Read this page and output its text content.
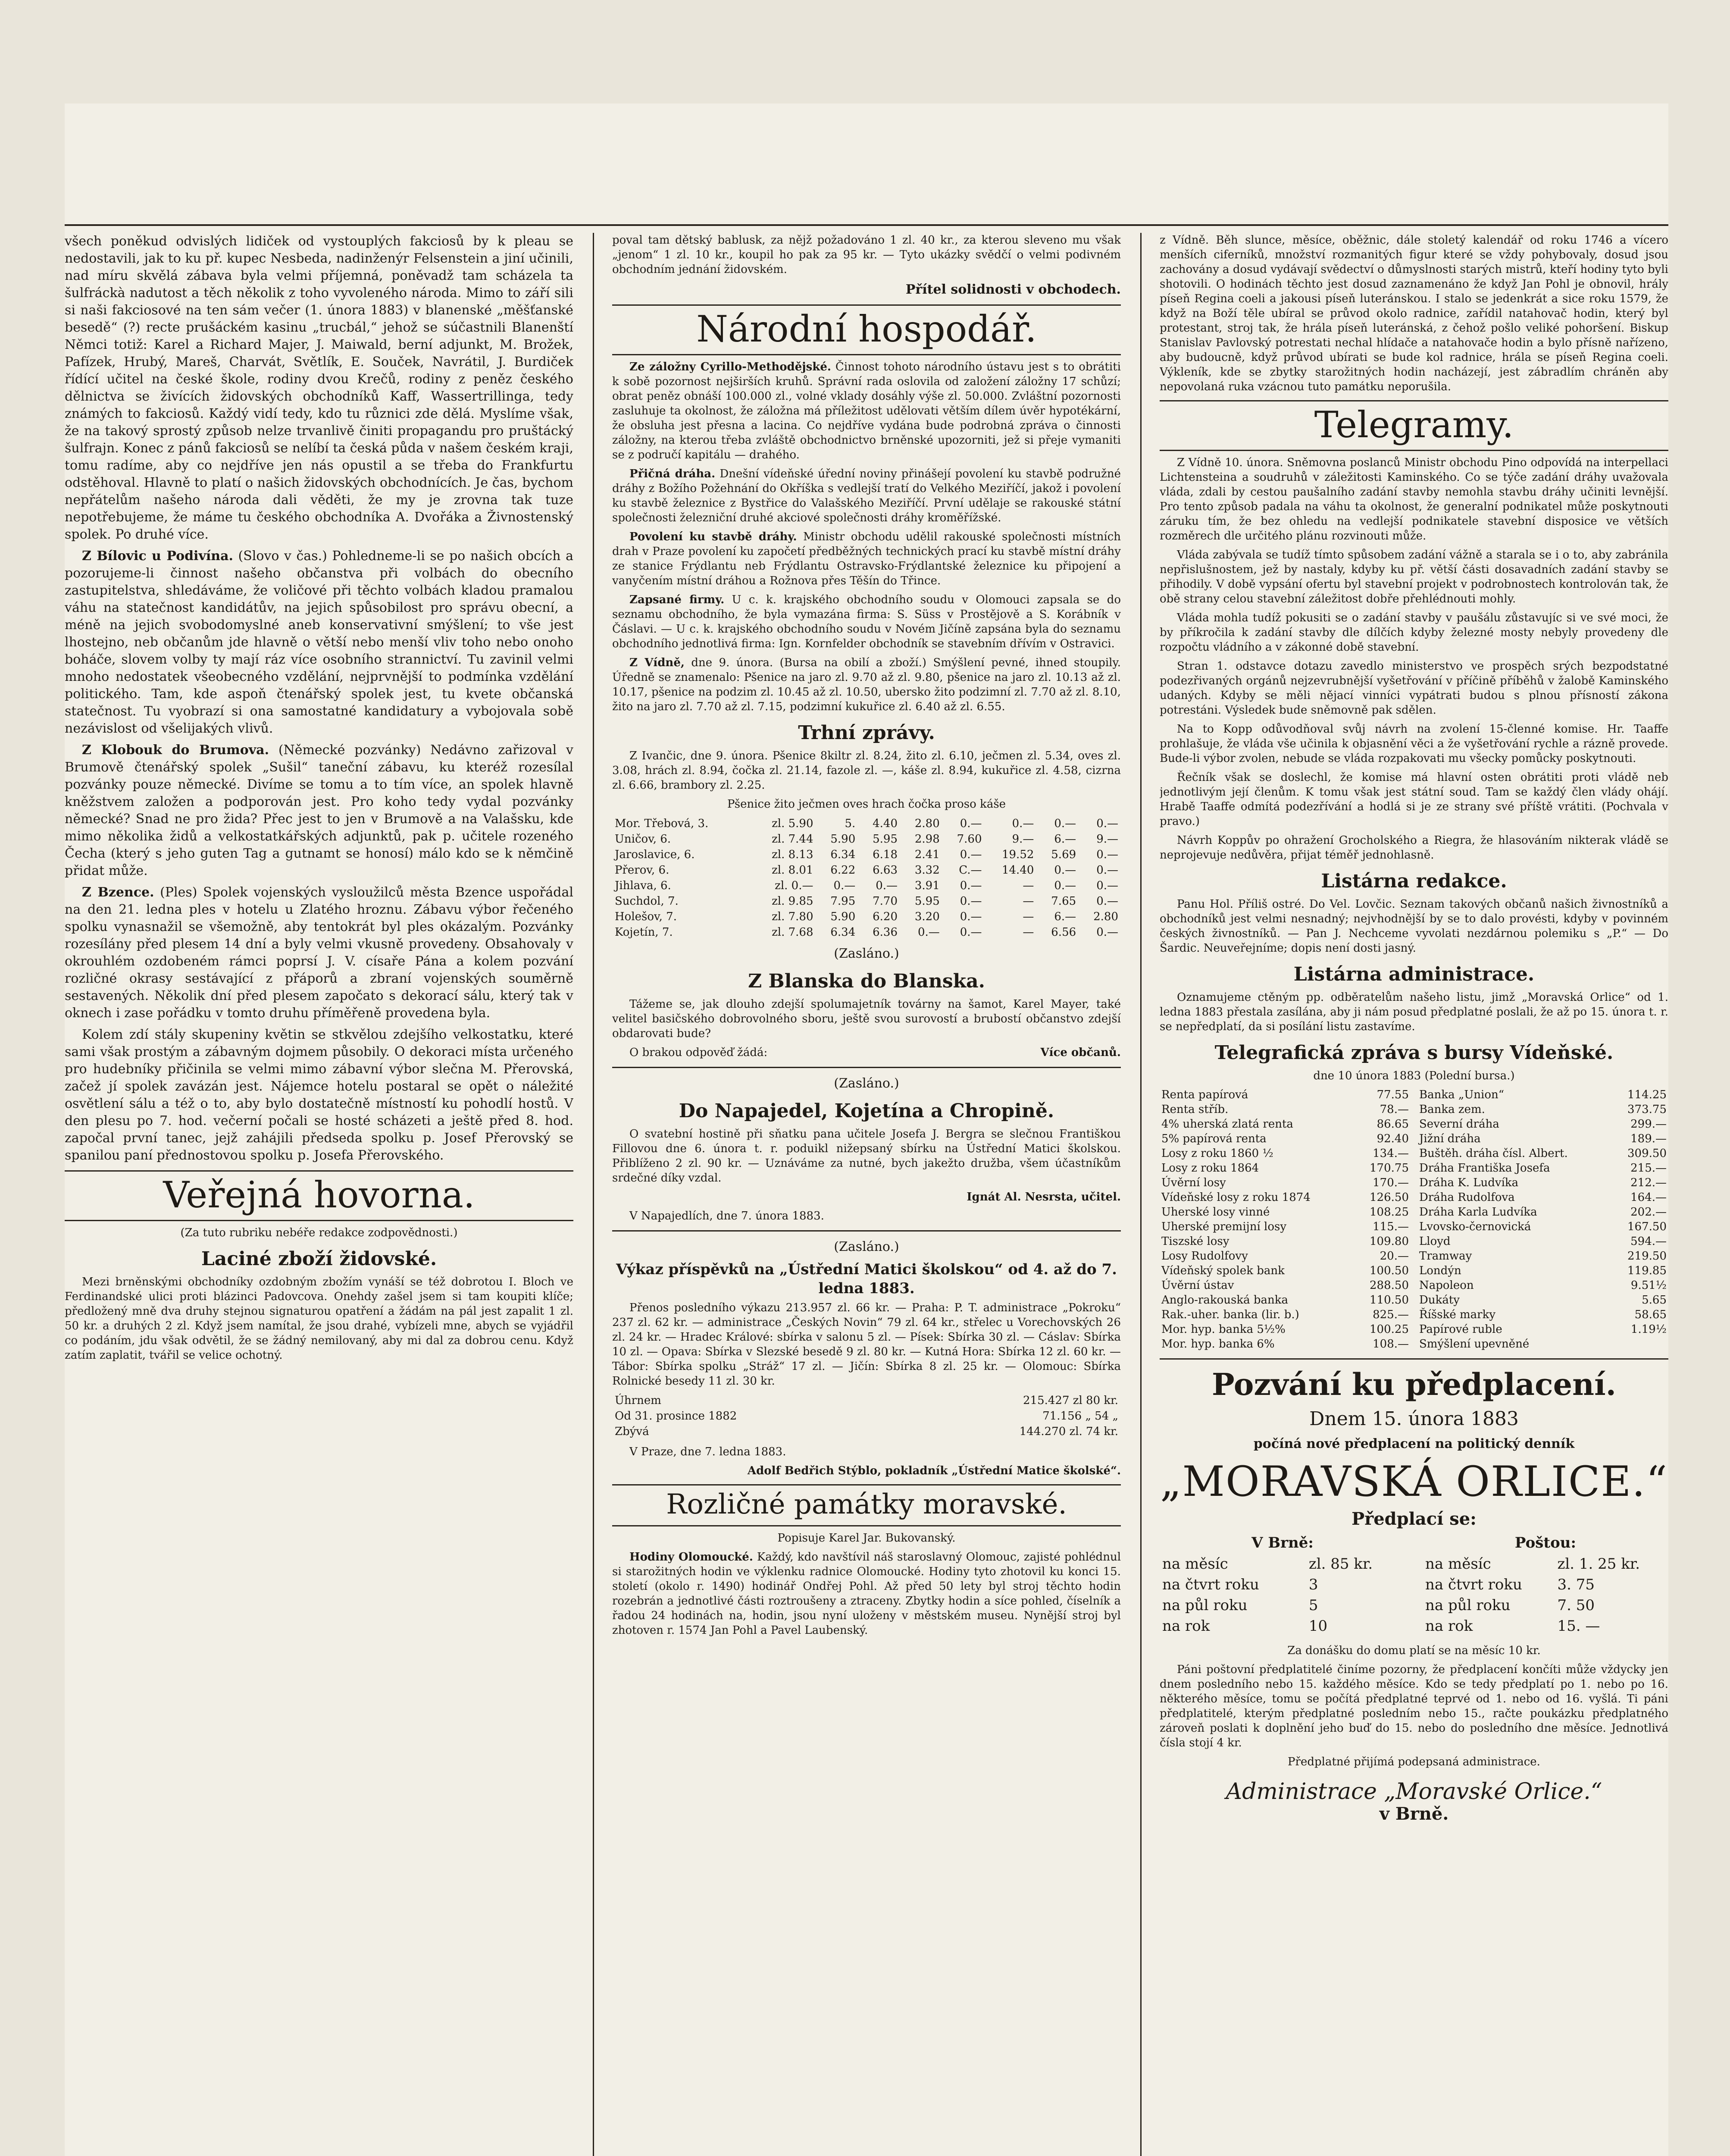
všech poněkud odvislých lidiček od vystouplých fakciosů by k pleau se nedostavili, jak to ku př. kupec Nesbeda, nadinženýr Felsenstein a jiní učinili, nad míru skvělá zábava byla velmi příjemná, poněvadž tam scházela ta šulfráckà nadutost a těch několik z toho vyvoleného národa. Mimo to září sili si naši fakciosové na ten sám večer (1. února 1883) v blanenské „měšťanské besedě“ (?) recte prušáckém kasinu „trucbál,“ jehož se súčastnili Blanenští Němci totiž: Karel a Richard Majer, J. Maiwald, berní adjunkt, M. Brožek, Pafízek, Hrubý, Mareš, Charvát, Světlík, E. Souček, Navrátil, J. Burdiček řídící učitel na české škole, rodiny dvou Krečů, rodiny z peněz českého dělnictva se živících židovských obchodníků Kaff, Wassertrillinga, tedy známých to fakciosů. Každý vidí tedy, kdo tu různici zde dělá. Myslíme však, že na takový sprostý způsob nelze trvanlivě činiti propagandu pro pruštácký šulfrajn. Konec z pánů fakciosů se nelíbí ta česká půda v našem českém kraji, tomu radíme, aby co nejdříve jen nás opustil a se třeba do Frankfurtu odstěhoval. Hlavně to platí o našich židovských obchodnících. Je čas, bychom nepřátelům našeho národa dali věděti, že my je zrovna tak tuze nepotřebujeme, že máme tu českého obchodníka A. Dvořáka a Živnostenský spolek. Po druhé více.

Z Bílovic u Podivína. (Slovo v čas.) Pohledneme-li se po našich obcích a pozorujeme-li činnost našeho občanstva při volbách do obecního zastupitelstva, shledáváme, že voličové při těchto volbách kladou pramalou váhu na statečnost kandidátův, na jejich spůsobilost pro správu obecní, a méně na jejich svobodomyslné aneb konservativní smýšlení; to vše jest lhostejno, neb občanům jde hlavně o větší nebo menší vliv toho nebo onoho boháče, slovem volby ty mají ráz více osobního strannictví. Tu zavinil velmi mnoho nedostatek všeobecného vzdělání, nejprvnější to podmínka vzdělání politického. Tam, kde aspoň čtenářský spolek jest, tu kvete občanská statečnost. Tu vyobrazí si ona samostatné kandidatury a vybojovala sobě nezávislost od všelijakých vlivů.

Z Klobouk do Brumova. (Německé pozvánky) Nedávno zařizoval v Brumově čtenářský spolek „Sušil“ taneční zábavu, ku kteréž rozesílal pozvánky pouze německé. Divíme se tomu a to tím více, an spolek hlavně kněžstvem založen a podporován jest. Pro koho tedy vydal pozvánky německé? Snad ne pro žida? Přec jest to jen v Brumově a na Valašsku, kde mimo několika židů a velkostatkářských adjunktů, pak p. učitele rozeného Čecha (který s jeho guten Tag a gutnamt se honosí) málo kdo se k němčině přidat může.

Z Bzence. (Ples) Spolek vojenských vysloužilců města Bzence uspořádal na den 21. ledna ples v hotelu u Zlatého hroznu. Zábavu výbor řečeného spolku vynasnažil se všemožně, aby tentokrát byl ples okázalým. Pozvánky rozesílány před plesem 14 dní a byly velmi vkusně provedeny. Obsahovaly v okrouhlém ozdobeném rámci poprsí J. V. císaře Pána a kolem pozvání rozličné okrasy sestávající z přáporů a zbraní vojenských souměrně sestavených. Několik dní před plesem započato s dekorací sálu, který tak v oknech i zase pořádku v tomto druhu příměřeně provedena byla.

Kolem zdí stály skupeniny květin se stkvělou zdejšího velkostatku, které sami však prostým a zábavným dojmem působily. O dekoraci místa určeného pro hudebníky přičinila se velmi mimo zábavní výbor slečna M. Přerovská, začež jí spolek zavázán jest. Nájemce hotelu postaral se opět o náležité osvětlení sálu a též o to, aby bylo dostatečně místností ku pohodlí hostů. V den plesu po 7. hod. večerní počali se hosté scházeti a ještě před 8. hod. započal první tanec, jejž zahájili předseda spolku p. Josef Přerovský se spanilou paní přednostovou spolku p. Josefa Přerovského.

Veřejná hovorna.

(Za tuto rubriku nebéře redakce zodpovědnosti.)

Laciné zboží židovské.

Mezi brněnskými obchodníky ozdobným zbožím vynáší se též dobrotou I. Bloch ve Ferdinandské ulici proti blázinci Padovcova. Onehdy zašel jsem si tam koupiti klíče; předložený mně dva druhy stejnou signaturou opatření a žádám na pál jest zapalit 1 zl. 50 kr. a druhých 2 zl. Když jsem namítal, že jsou drahé, vybízeli mne, abych se vyjádřil co podáním, jdu však odvětil, že se žádný nemilovaný, aby mi dal za dobrou cenu. Když zatím zaplatit, tvářil se velice ochotný.

poval tam dětský bablusk, za nějž požadováno 1 zl. 40 kr., za kterou sleveno mu však „jenom“ 1 zl. 10 kr., koupil ho pak za 95 kr. — Tyto ukázky svědčí o velmi podivném obchodním jednání židovském.

Přítel solidnosti v obchodech.

Národní hospodář.

Ze záložny Cyrillo-Methodějské. Činnost tohoto národního ústavu jest s to obrátiti k sobě pozornost nejširších kruhů. Správní rada oslovila od založení záložny 17 schůzí; obrat peněz obnáší 100.000 zl., volné vklady dosáhly výše zl. 50.000. Zvláštní pozornosti zasluhuje ta okolnost, že záložna má příležitost udělovati větším dílem úvěr hypotékární, že obsluha jest přesna a lacina. Co nejdříve vydána bude podrobná zpráva o činnosti záložny, na kterou třeba zvláště obchodnictvo brněnské upozorniti, jež si přeje vymaniti se z područí kapitálu — drahého.

Přičná dráha. Dnešní vídeňské úřední noviny přinášejí povolení ku stavbě podružné dráhy z Božího Požehnání do Okříška s vedlejší tratí do Velkého Meziříčí, jakož i povolení ku stavbě železnice z Bystřice do Valašského Meziříčí. První udělaje se rakouské státní společnosti železniční druhé akciové společnosti dráhy kroměřížské.

Povolení ku stavbě dráhy. Ministr obchodu udělil rakouské společnosti místních drah v Praze povolení ku započetí předběžných technických prací ku stavbě místní dráhy ze stanice Frýdlantu neb Frýdlantu Ostravsko-Frýdlantské železnice ku připojení a vanyčením místní dráhou a Rožnova přes Těšín do Třince.

Zapsané firmy. U c. k. krajského obchodního soudu v Olomouci zapsala se do seznamu obchodního, že byla vymazána firma: S. Süss v Prostějově a S. Korábník v Čáslavi. — U c. k. krajského obchodního soudu v Novém Jičíně zapsána byla do seznamu obchodního jednotlivá firma: Ign. Kornfelder obchodník se stavebním dřívím v Ostravici.

Z Vídně, dne 9. února. (Bursa na obilí a zboží.) Smýšlení pevné, ihned stoupily. Úředně se znamenalo: Pšenice na jaro zl. 9.70 až zl. 9.80, pšenice na jaro zl. 10.13 až zl. 10.17, pšenice na podzim zl. 10.45 až zl. 10.50, ubersko žito podzimní zl. 7.70 až zl. 8.10, žito na jaro zl. 7.70 až zl. 7.15, podzimní kukuřice zl. 6.40 až zl. 6.55.

Trhní zprávy.

Z Ivančic, dne 9. února. Pšenice 8kiltr zl. 8.24, žito zl. 6.10, ječmen zl. 5.34, oves zl. 3.08, hrách zl. 8.94, čočka zl. 21.14, fazole zl. —, káše zl. 8.94, kukuřice zl. 4.58, cizrna zl. 6.66, brambory zl. 2.25.

Pšenice žito ječmen oves hrach čočka proso káše

Mor. Třebová, 3.	zl. 5.90	5.	4.40	2.80	0.—	0.—	0.—	0.—
Uničov, 6.	zl. 7.44	5.90	5.95	2.98	7.60	9.—	6.—	9.—
Jaroslavice, 6.	zl. 8.13	6.34	6.18	2.41	0.—	19.52	5.69	0.—
Přerov, 6.	zl. 8.01	6.22	6.63	3.32	C.—	14.40	0.—	0.—
Jihlava, 6.	zl. 0.—	0.—	0.—	3.91	0.—	—	0.—	0.—
Suchdol, 7.	zl. 9.85	7.95	7.70	5.95	0.—	—	7.65	0.—
Holešov, 7.	zl. 7.80	5.90	6.20	3.20	0.—	—	6.—	2.80
Kojetín, 7.	zl. 7.68	6.34	6.36	0.—	0.—	—	6.56	0.—

(Zasláno.)

Z Blanska do Blanska.

Tážeme se, jak dlouho zdejší spolumajetník továrny na šamot, Karel Mayer, také velitel basičského dobrovolného sboru, ještě svou surovostí a brubostí občanstvo zdejší obdarovati bude?

O brakou odpověď žádá:	Více občanů.

(Zasláno.)

Do Napajedel, Kojetína a Chropině.

O svatební hostině při sňatku pana učitele Josefa J. Bergra se slečnou Františkou Fillovou dne 6. února t. r. poduikl nižepsaný sbírku na Ústřední Matici školskou. Přiblíženo 2 zl. 90 kr. — Uznáváme za nutné, bych jakežto družba, všem účastníkům srdečné díky vzdal.

Ignát Al. Nesrsta, učitel.

V Napajedlích, dne 7. února 1883.

(Zasláno.)

Výkaz příspěvků na „Ústřední Matici školskou“ od 4. až do 7. ledna 1883.

Přenos posledního výkazu 213.957 zl. 66 kr. — Praha: P. T. administrace „Pokroku“ 237 zl. 62 kr. — administrace „Českých Novin“ 79 zl. 64 kr., střelec u Vorechovských 26 zl. 24 kr. — Hradec Králové: sbírka v salonu 5 zl. — Písek: Sbírka 30 zl. — Cáslav: Sbírka 10 zl. — Opava: Sbírka v Slezské besedě 9 zl. 80 kr. — Kutná Hora: Sbírka 12 zl. 60 kr. — Tábor: Sbírka spolku „Stráž“ 17 zl. — Jičín: Sbírka 8 zl. 25 kr. — Olomouc: Sbírka Rolnické besedy 11 zl. 30 kr.

Úhrnem	215.427 zl 80 kr.
Od 31. prosince 1882	71.156 „ 54 „
Zbývá	144.270 zl. 74 kr.

V Praze, dne 7. ledna 1883.

Adolf Bedřich Stýblo, pokladník „Ústřední Matice školské“.

Rozličné památky moravské.

Popisuje Karel Jar. Bukovanský.

Hodiny Olomoucké. Každý, kdo navštívil náš staroslavný Olomouc, zajisté pohlédnul si starožitných hodin ve výklenku radnice Olomoucké. Hodiny tyto zhotovil ku konci 15. století (okolo r. 1490) hodinář Ondřej Pohl. Až před 50 lety byl stroj těchto hodin rozebrán a jednotlivé části roztroušeny a ztraceny. Zbytky hodin a síce pohled, číselník a řadou 24 hodinách na, hodin, jsou nyní uloženy v městském museu. Nynější stroj byl zhotoven r. 1574 Jan Pohl a Pavel Laubenský.

z Vídně. Běh slunce, měsíce, oběžnic, dále stoletý kalendář od roku 1746 a vícero menších ciferníků, množství rozmanitých figur které se vždy pohybovaly, dosud jsou zachovány a dosud vydávají svědectví o důmyslnosti starých mistrů, kteří hodiny tyto byli shotovili. O hodinách těchto jest dosud zaznamenáno že když Jan Pohl je obnovil, hrály píseň Regina coeli a jakousi píseň luteránskou. I stalo se jedenkrát a sice roku 1579, že když na Boží těle ubíral se průvod okolo radnice, zařídil natahovač hodin, který byl protestant, stroj tak, že hrála píseň luteránská, z čehož pošlo veliké pohoršení. Biskup Stanislav Pavlovský potrestati nechal hlídače a natahovače hodin a bylo přísně nařízeno, aby budoucně, když průvod ubírati se bude kol radnice, hrála se píseň Regina coeli. Výkleník, kde se zbytky starožitných hodin nacházejí, jest zábradlím chráněn aby nepovolaná ruka vzácnou tuto památku neporušila.

Telegramy.

Z Vídně 10. února. Sněmovna poslanců Ministr obchodu Pino odpovídá na interpellaci Lichtensteina a soudruhů v záležitosti Kaminského. Co se týče zadání dráhy uvažovala vláda, zdali by cestou paušalního zadání stavby nemohla stavbu dráhy učiniti levnější. Pro tento způsob padala na váhu ta okolnost, že generalní podnikatel může poskytnouti záruku tím, že bez ohledu na vedlejší podnikatele stavební disposice ve větších rozměrech dle určitého plánu rozvinouti může.

Vláda zabývala se tudíž tímto spůsobem zadání vážně a starala se i o to, aby zabránila nepřislušnostem, jež by nastaly, kdyby ku př. větší části dosavadních zadání stavby se přihodily. V době vypsání ofertu byl stavební projekt v podrobnostech kontrolován tak, že obě strany celou stavební záležitost dobře přehlédnouti mohly.

Vláda mohla tudíž pokusiti se o zadání stavby v paušálu zůstavujíc si ve své moci, že by příkročila k zadání stavby dle dílčích kdyby železné mosty nebyly provedeny dle rozpočtu vládního a v zákonné době stavební.

Stran 1. odstavce dotazu zavedlo ministerstvo ve prospěch srých bezpodstatné podezřivaných orgánů nejzevrubnější vyšetřování v příčině příběhů v žalobě Kaminského udaných. Kdyby se měli nějací vinníci vypátrati budou s plnou přísností zákona potrestáni. Výsledek bude sněmovně pak sdělen.

Na to Kopp odůvodňoval svůj návrh na zvolení 15-členné komise. Hr. Taaffe prohlašuje, že vláda vše učinila k objasnění věci a že vyšetřování rychle a rázně provede. Bude-li výbor zvolen, nebude se vláda rozpakovati mu všecky pomůcky poskytnouti.

Řečník však se doslechl, že komise má hlavní osten obrátiti proti vládě neb jednotlivým její členům. K tomu však jest státní soud. Tam se každý člen vlády ohájí. Hrabě Taaffe odmítá podezřívání a hodlá si je ze strany své příště vrátiti. (Pochvala v pravo.)

Návrh Koppův po ohražení Grocholského a Riegra, že hlasováním nikterak vládě se neprojevuje nedůvěra, přijat téměř jednohlasně.

Listárna redakce.

Panu Hol. Příliš ostré. Do Vel. Lovčic. Seznam takových občanů našich živnostníků a obchodníků jest velmi nesnadný; nejvhodnější by se to dalo provésti, kdyby v povinném českých živnostníků. — Pan J. Nechceme vyvolati nezdárnou polemiku s „P.“ — Do Šardic. Neuveřejníme; dopis není dosti jasný.

Listárna administrace.

Oznamujeme ctěným pp. odběratelům našeho listu, jimž „Moravská Orlice“ od 1. ledna 1883 přestala zasílána, aby ji nám posud předplatné poslali, že až po 15. února t. r. se nepředplatí, da si posílání listu zastavíme.

Telegrafická zpráva s bursy Vídeňské.

dne 10 února 1883 (Polední bursa.)

Renta papírová	77.55
Renta stříb.	78.—
4% uherská zlatá renta	86.65
5% papírová renta	92.40
Losy z roku 1860 ½	134.—
Losy z roku 1864	170.75
Úvěrní losy	170.—
Vídeňské losy z roku 1874	126.50
Uherské losy vinné	108.25
Uherské premijní losy	115.—
Tiszské losy	109.80
Losy Rudolfovy	20.—
Vídeňský spolek bank	100.50
Úvěrní ústav	288.50
Anglo-rakouská banka	110.50
Rak.-uher. banka (lir. b.)	825.—
Mor. hyp. banka 5½%	100.25
Mor. hyp. banka 6%	108.—
Banka „Union“	114.25
Banka zem.	373.75
Severní dráha	299.—
Jižní dráha	189.—
Buštěh. dráha čísl. Albert.	309.50
Dráha Františka Josefa	215.—
Dráha K. Ludvíka	212.—
Dráha Rudolfova	164.—
Dráha Karla Ludvíka	202.—
Lvovsko-černovická	167.50
Lloyd	594.—
Tramway	219.50
Londýn	119.85
Napoleon	9.51½
Dukáty	5.65
Říšské marky	58.65
Papírové ruble	1.19½
Smýšlení upevněné	
Pozvání ku předplacení.

Dnem 15. února 1883

počíná nové předplacení na politický denník

„MORAVSKÁ ORLICE.“

Předplací se:

V Brně:	
na měsíc	zl. 85 kr.
na čtvrt roku	3
na půl roku	5
na rok	10
Poštou:	
na měsíc	zl. 1. 25 kr.
na čtvrt roku	3. 75
na půl roku	7. 50
na rok	15. —

Za donášku do domu platí se na měsíc 10 kr.

Páni poštovní předplatitelé činíme pozorny, že předplacení končíti může vždycky jen dnem posledního nebo 15. každého měsíce. Kdo se tedy předplatí po 1. nebo po 16. některého měsíce, tomu se počítá předplatné teprvé od 1. nebo od 16. vyšlá. Ti páni předplatitelé, kterým předplatné posledním nebo 15., račte poukázku předplatného zároveň poslati k doplnění jeho buď do 15. nebo do posledního dne měsíce. Jednotlivá čísla stojí 4 kr.

Předplatné přijímá podepsaná administrace.

Administrace „Moravské Orlice.“

v Brně.
